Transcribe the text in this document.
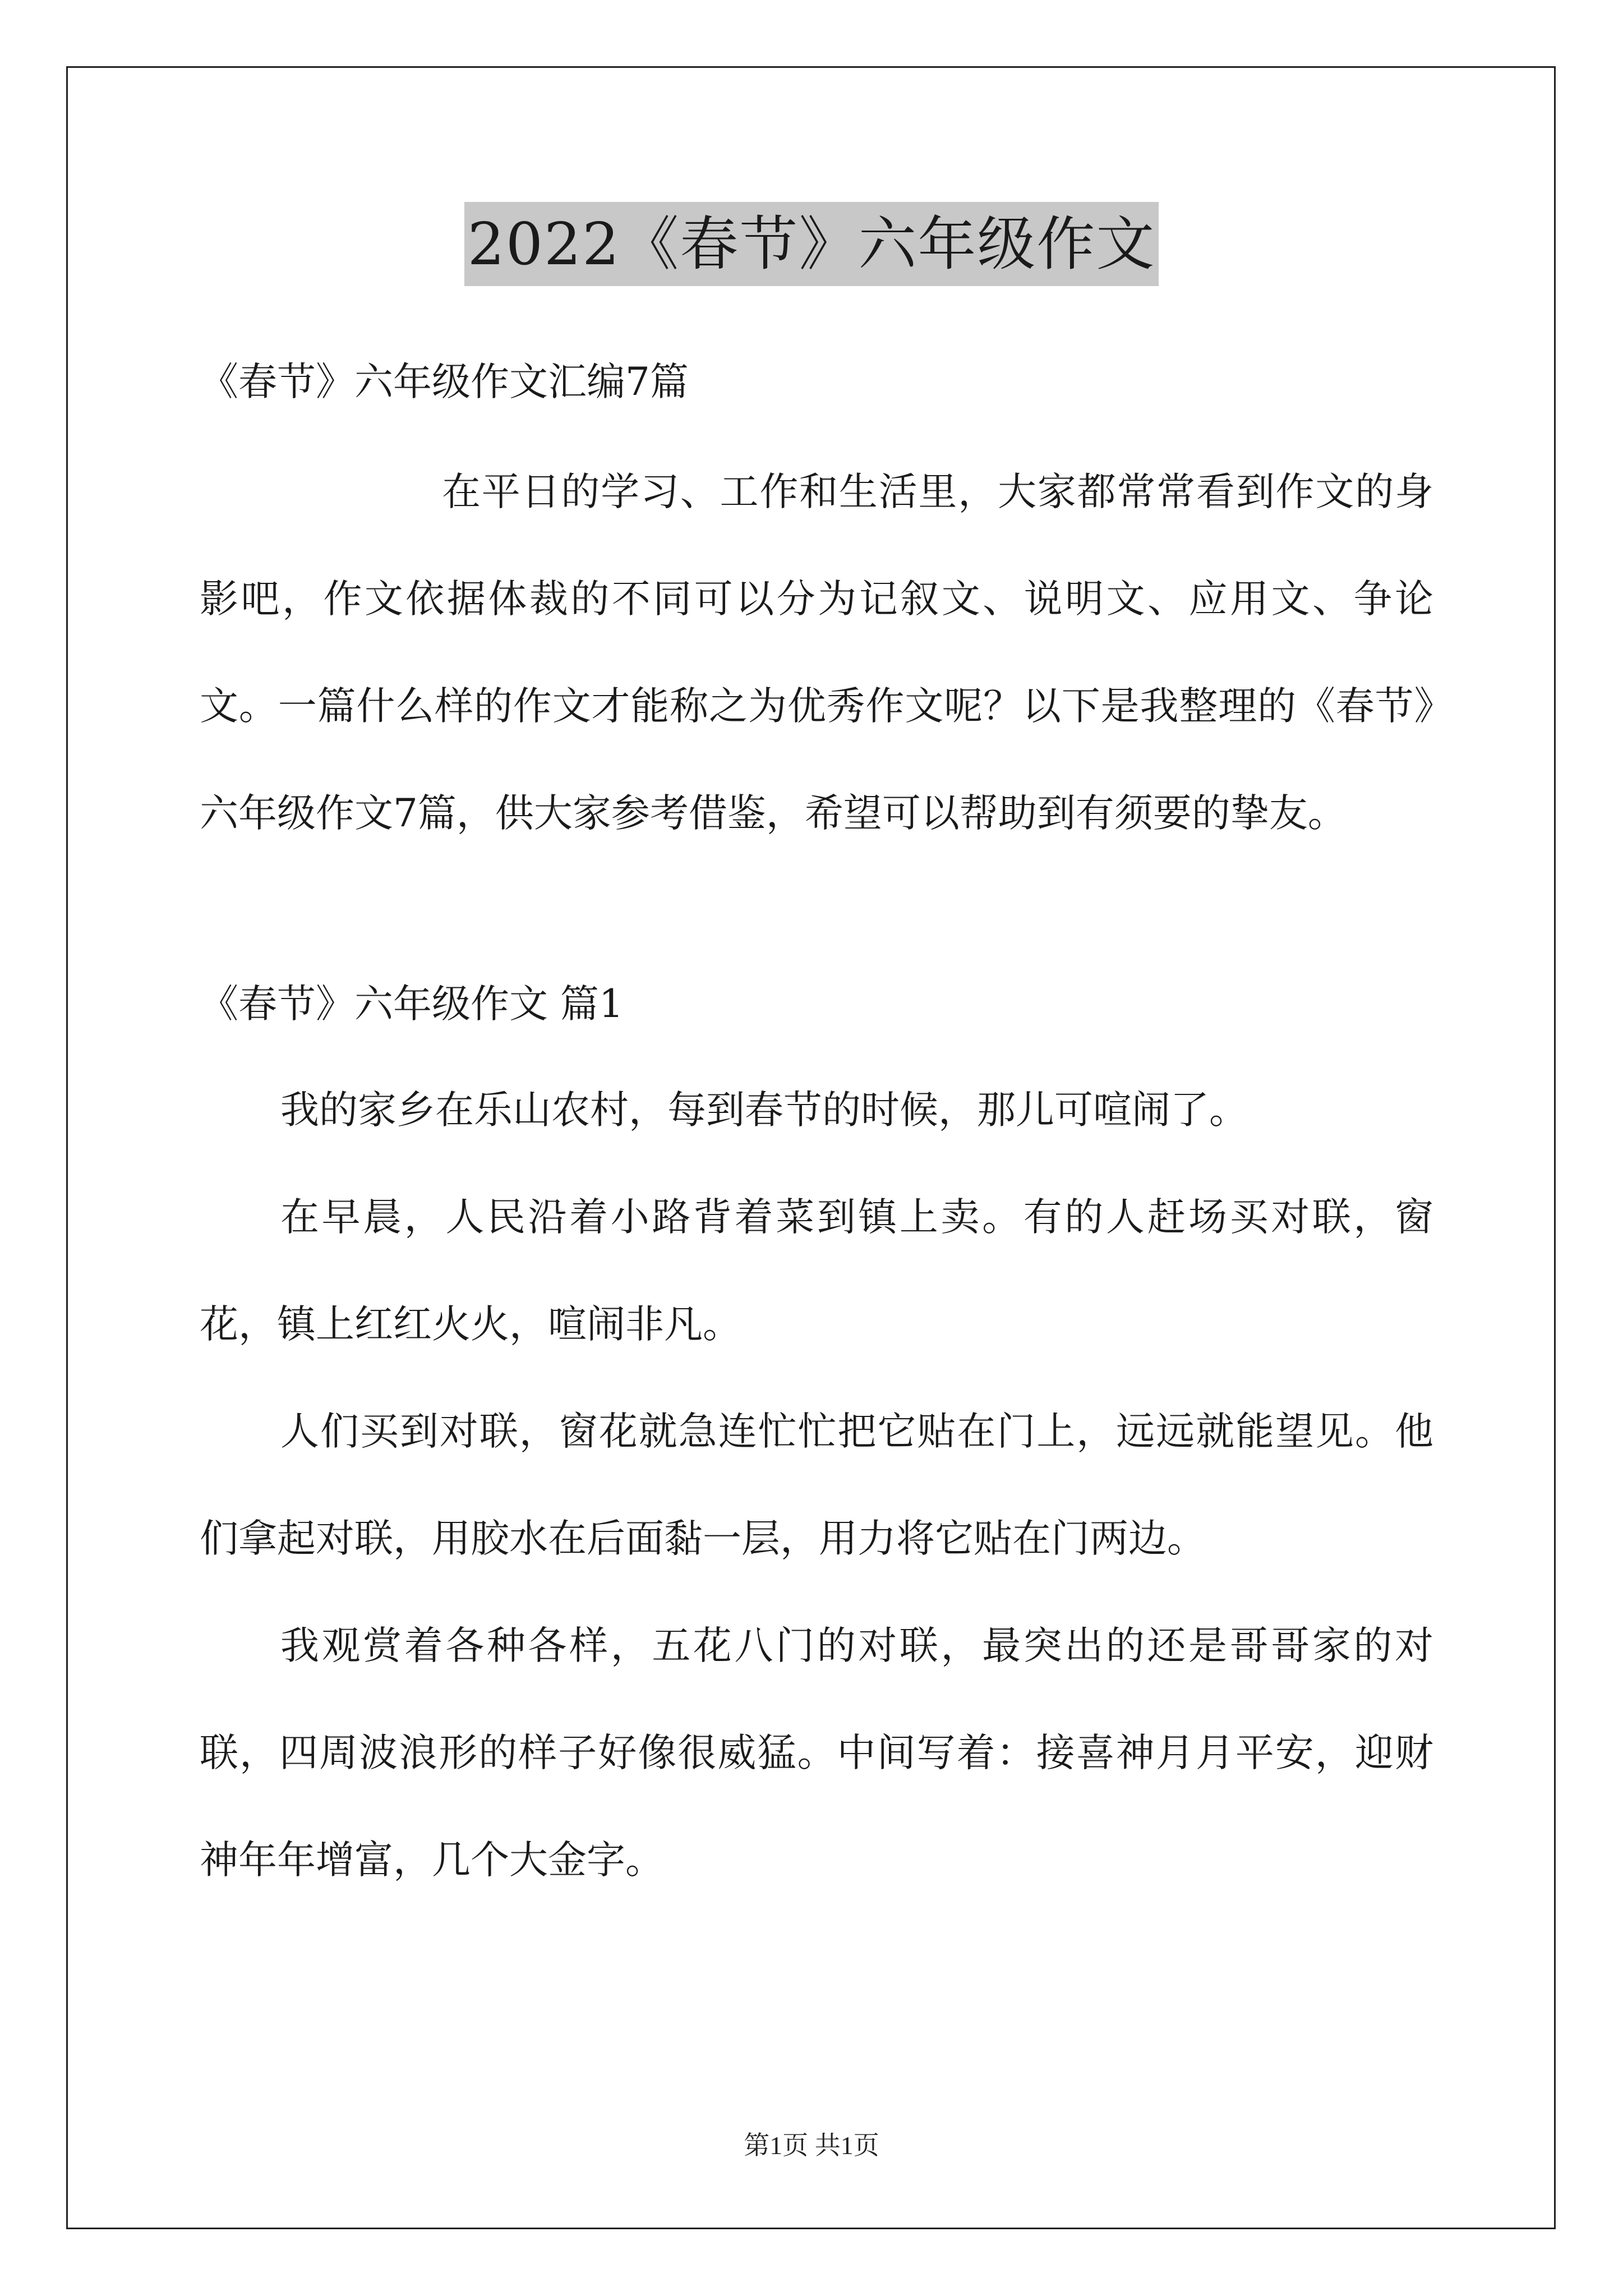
2022《春节》六年级作文

《春节》六年级作文汇编7篇

在平日的学习、工作和生活里，大家都常常看到作文的身影吧，作文依据体裁的不同可以分为记叙文、说明文、应用文、争论文。一篇什么样的作文才能称之为优秀作文呢？以下是我整理的《春节》六年级作文7篇，供大家参考借鉴，希望可以帮助到有须要的挚友。

《春节》六年级作文 篇1

我的家乡在乐山农村，每到春节的时候，那儿可喧闹了。

在早晨，人民沿着小路背着菜到镇上卖。有的人赶场买对联，窗花，镇上红红火火，喧闹非凡。

人们买到对联，窗花就急连忙忙把它贴在门上，远远就能望见。他们拿起对联，用胶水在后面黏一层，用力将它贴在门两边。

我观赏着各种各样，五花八门的对联，最突出的还是哥哥家的对联，四周波浪形的样子好像很威猛。中间写着：接喜神月月平安，迎财神年年增富，几个大金字。

第1页 共1页
